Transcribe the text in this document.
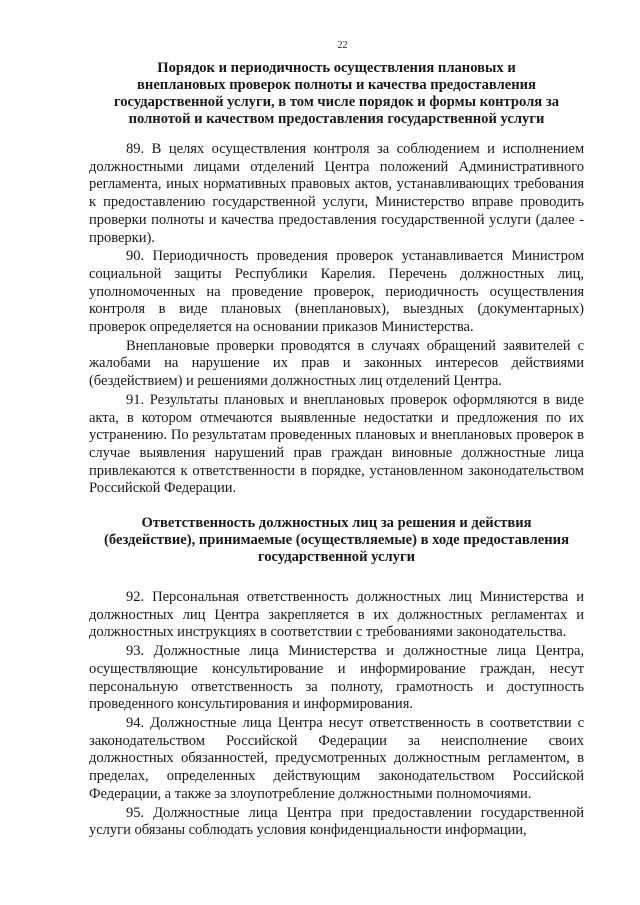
22
Порядок и периодичность осуществления плановых и
внеплановых проверок полноты и качества предоставления
государственной услуги, в том числе порядок и формы контроля за
полнотой и качеством предоставления государственной услуги

89. В целях осуществления контроля за соблюдением и исполнением должностными лицами отделений Центра положений Административного регламента, иных нормативных правовых актов, устанавливающих требования к предоставлению государственной услуги, Министерство вправе проводить проверки полноты и качества предоставления государственной услуги (далее - проверки).

90. Периодичность проведения проверок устанавливается Министром социальной защиты Республики Карелия. Перечень должностных лиц, уполномоченных на проведение проверок, периодичность осуществления контроля в виде плановых (внеплановых), выездных (документарных) проверок определяется на основании приказов Министерства.

Внеплановые проверки проводятся в случаях обращений заявителей с жалобами на нарушение их прав и законных интересов действиями (бездействием) и решениями должностных лиц отделений Центра.

91. Результаты плановых и внеплановых проверок оформляются в виде акта, в котором отмечаются выявленные недостатки и предложения по их устранению. По результатам проведенных плановых и внеплановых проверок в случае выявления нарушений прав граждан виновные должностные лица привлекаются к ответственности в порядке, установленном законодательством Российской Федерации.

Ответственность должностных лиц за решения и действия
(бездействие), принимаемые (осуществляемые) в ходе предоставления
государственной услуги

92. Персональная ответственность должностных лиц Министерства и должностных лиц Центра закрепляется в их должностных регламентах и должностных инструкциях в соответствии с требованиями законодательства.

93. Должностные лица Министерства и должностные лица Центра, осуществляющие консультирование и информирование граждан, несут персональную ответственность за полноту, грамотность и доступность проведенного консультирования и информирования.

94. Должностные лица Центра несут ответственность в соответствии с законодательством Российской Федерации за неисполнение своих должностных обязанностей, предусмотренных должностным регламентом, в пределах, определенных действующим законодательством Российской Федерации, а также за злоупотребление должностными полномочиями.

95. Должностные лица Центра при предоставлении государственной услуги обязаны соблюдать условия конфиденциальности информации,
